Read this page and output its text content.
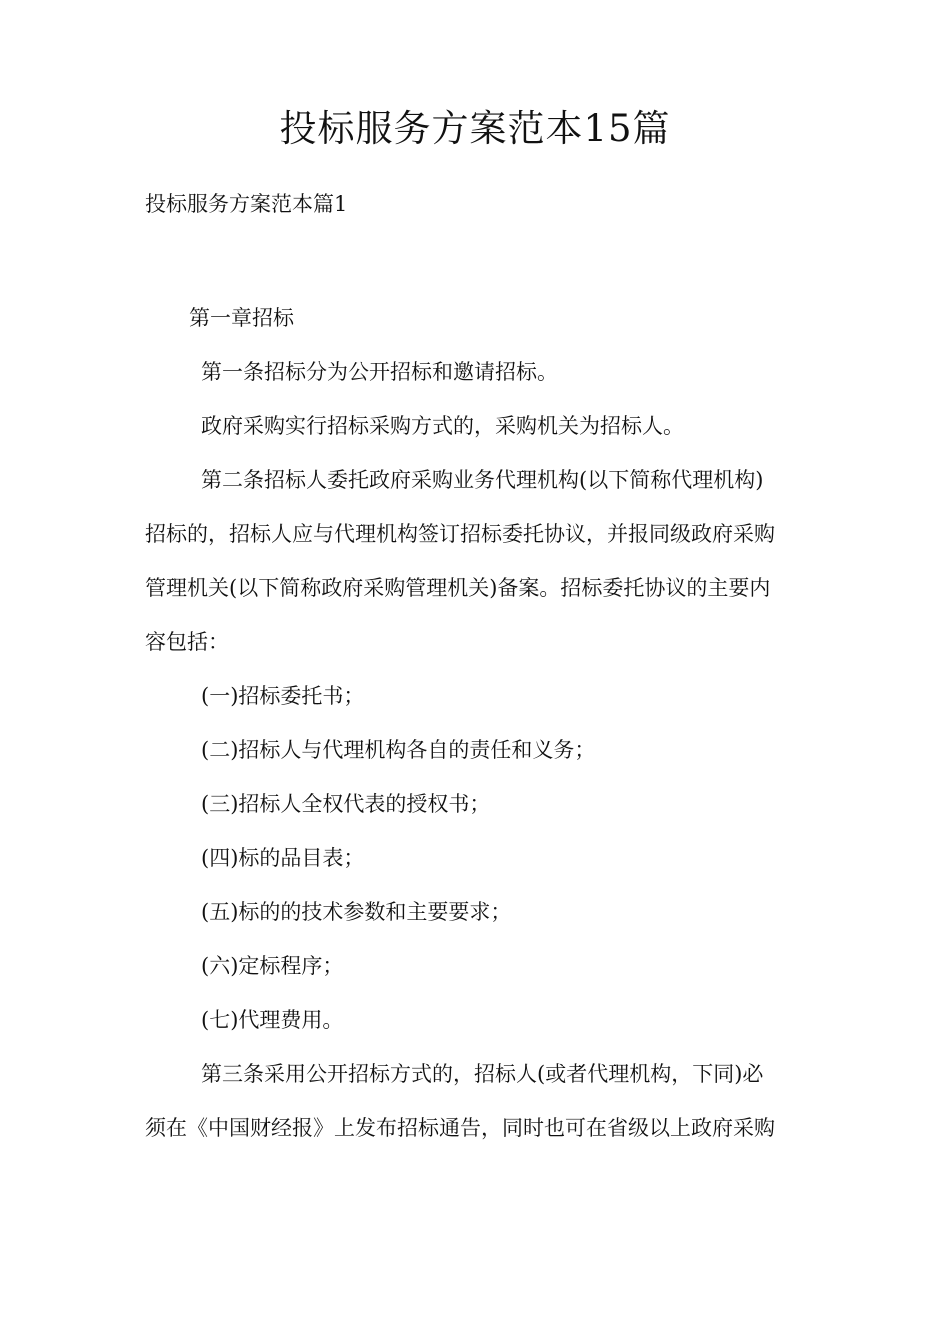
投标服务方案范本15篇
投标服务方案范本篇1
第一章招标
第一条招标分为公开招标和邀请招标。
政府采购实行招标采购方式的，采购机关为招标人。
第二条招标人委托政府采购业务代理机构(以下简称代理机构)
招标的，招标人应与代理机构签订招标委托协议，并报同级政府采购
管理机关(以下简称政府采购管理机关)备案。招标委托协议的主要内
容包括：
(一)招标委托书；
(二)招标人与代理机构各自的责任和义务；
(三)招标人全权代表的授权书；
(四)标的品目表；
(五)标的的技术参数和主要要求；
(六)定标程序；
(七)代理费用。
第三条采用公开招标方式的，招标人(或者代理机构，下同)必
须在《中国财经报》上发布招标通告，同时也可在省级以上政府采购
